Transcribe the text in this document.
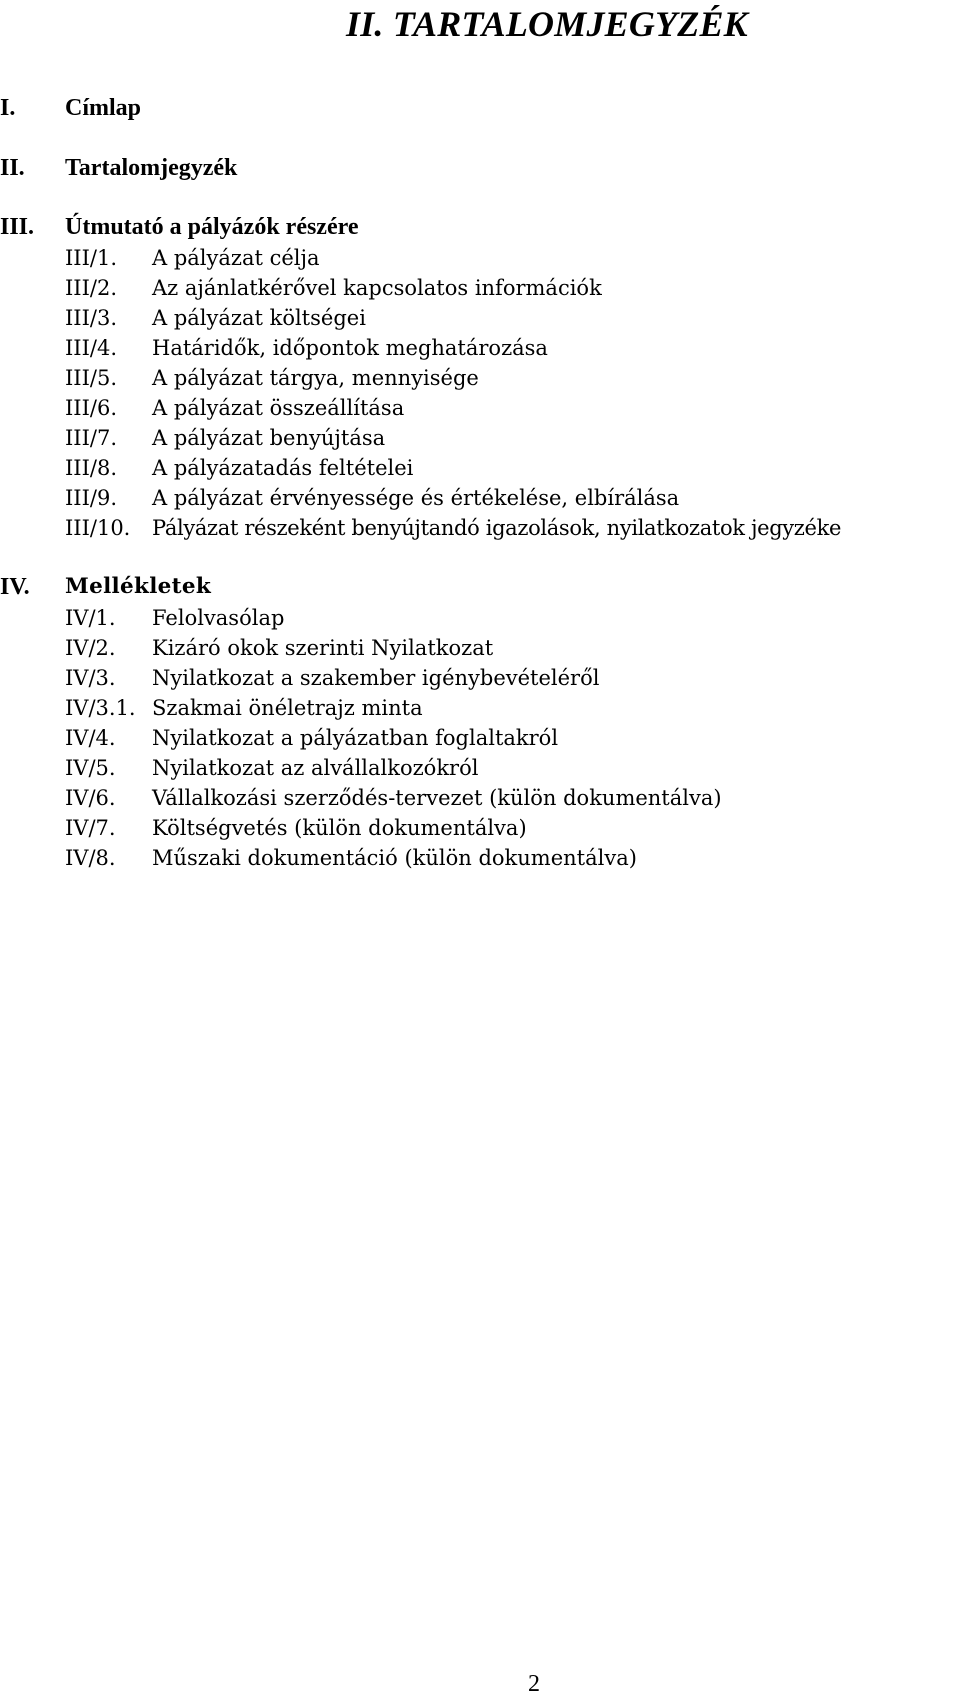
II. TARTALOMJEGYZÉK
I. Címlap
II. Tartalomjegyzék
III. Útmutató a pályázók részére
III/1. A pályázat célja
III/2. Az ajánlatkérővel kapcsolatos információk
III/3. A pályázat költségei
III/4. Határidők, időpontok meghatározása
III/5. A pályázat tárgya, mennyisége
III/6. A pályázat összeállítása
III/7. A pályázat benyújtása
III/8. A pályázatadás feltételei
III/9. A pályázat érvényessége és értékelése, elbírálása
III/10. Pályázat részeként benyújtandó igazolások, nyilatkozatok jegyzéke
IV. Mellékletek
IV/1. Felolvasólap
IV/2. Kizáró okok szerinti Nyilatkozat
IV/3. Nyilatkozat a szakember igénybevételéről
IV/3.1. Szakmai önéletrajz minta
IV/4. Nyilatkozat a pályázatban foglaltakról
IV/5. Nyilatkozat az alvállalkozókról
IV/6. Vállalkozási szerződés-tervezet (külön dokumentálva)
IV/7. Költségvetés (külön dokumentálva)
IV/8. Műszaki dokumentáció (külön dokumentálva)
2
